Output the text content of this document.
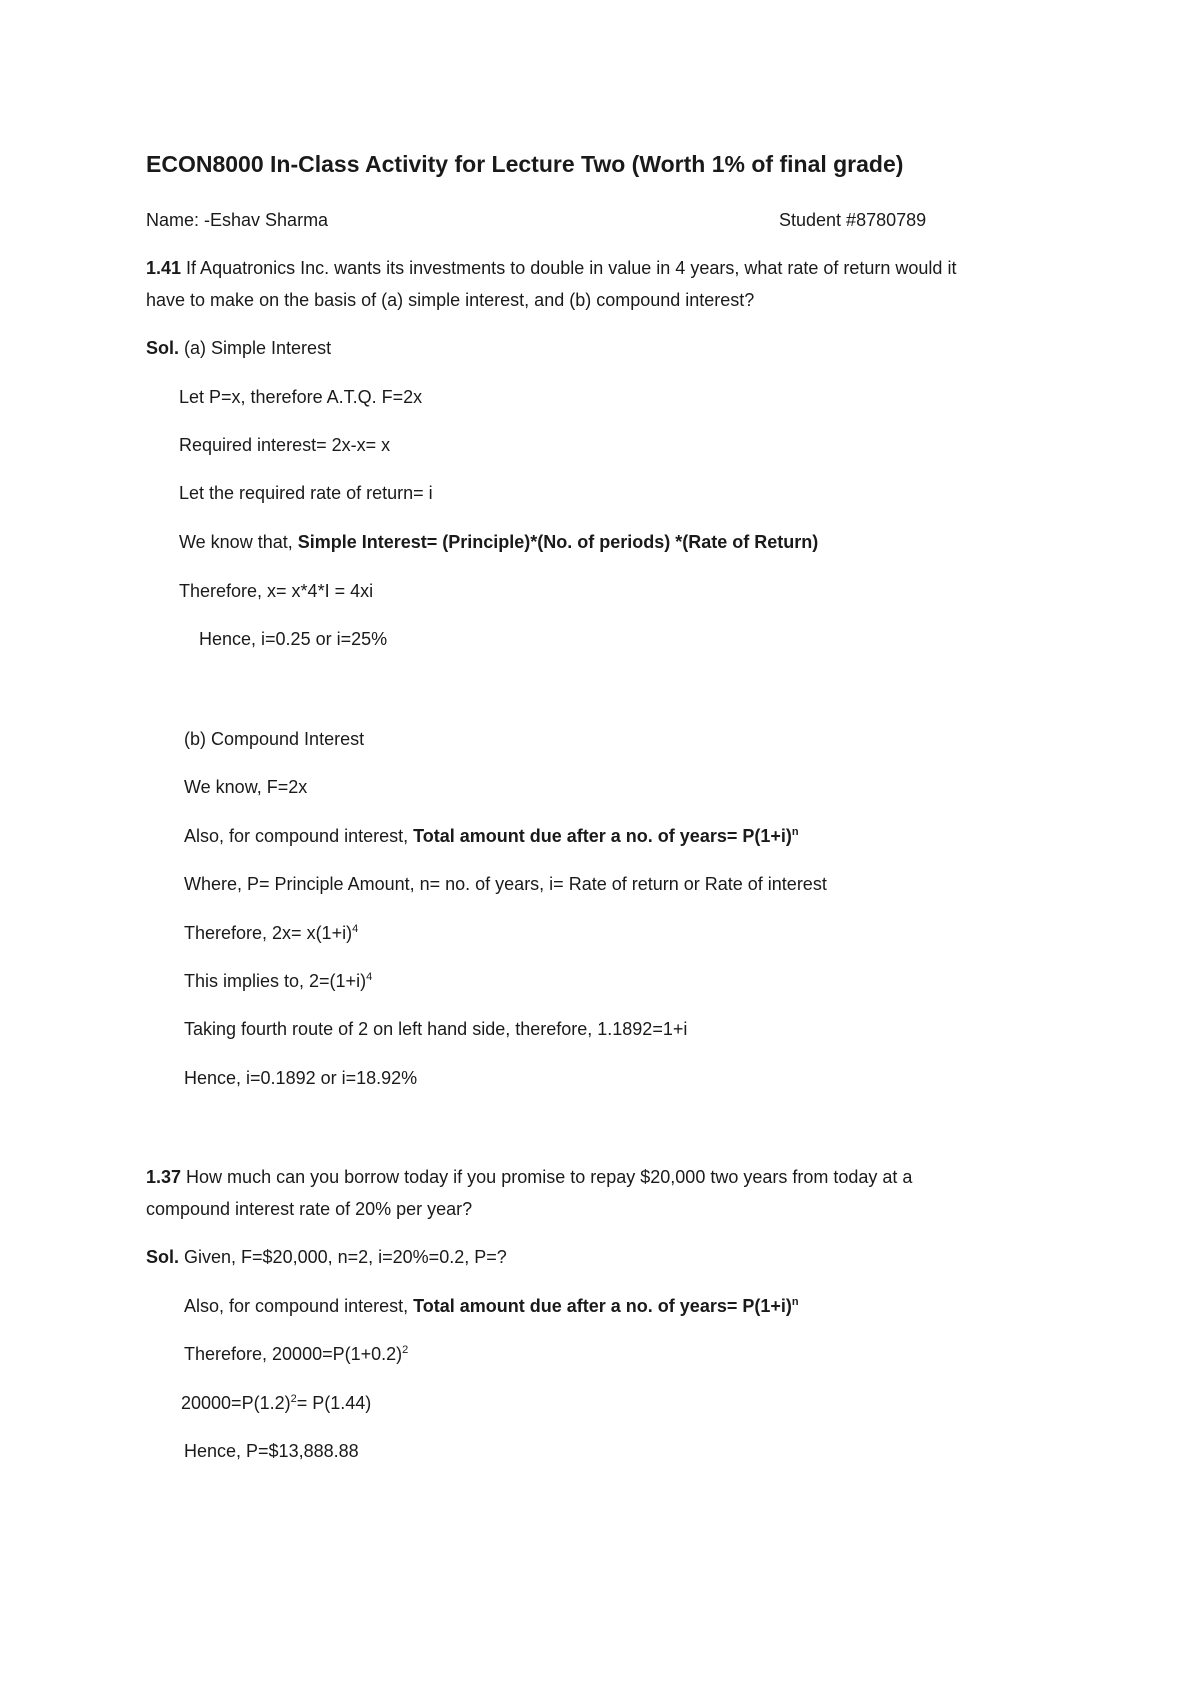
ECON8000 In-Class Activity for Lecture Two (Worth 1% of final grade)
Name: -Eshav Sharma	Student #8780789
1.41 If Aquatronics Inc. wants its investments to double in value in 4 years, what rate of return would it
have to make on the basis of (a) simple interest, and (b) compound interest?
Sol. (a) Simple Interest
Let P=x, therefore A.T.Q. F=2x
Required interest= 2x-x= x
Let the required rate of return= i
We know that, Simple Interest= (Principle)*(No. of periods) *(Rate of Return)
Therefore, x= x*4*I = 4xi
Hence, i=0.25 or i=25%
(b) Compound Interest
We know, F=2x
Also, for compound interest, Total amount due after a no. of years= $P(1+i)^n$
Where, P= Principle Amount, n= no. of years, i= Rate of return or Rate of interest
Therefore, $2x= x(1+i)^4$
This implies to, $2=(1+i)^4$
Taking fourth route of 2 on left hand side, therefore, 1.1892=1+i
Hence, i=0.1892 or i=18.92%
1.37 How much can you borrow today if you promise to repay $20,000 two years from today at a
compound interest rate of 20% per year?
Sol. Given, F=$20,000, n=2, i=20%=0.2, P=?
Also, for compound interest, Total amount due after a no. of years= $P(1+i)^n$
Therefore, $20000=P(1+0.2)^2$
$20000=P(1.2)^2= P(1.44)$
Hence, P=$13,888.88
